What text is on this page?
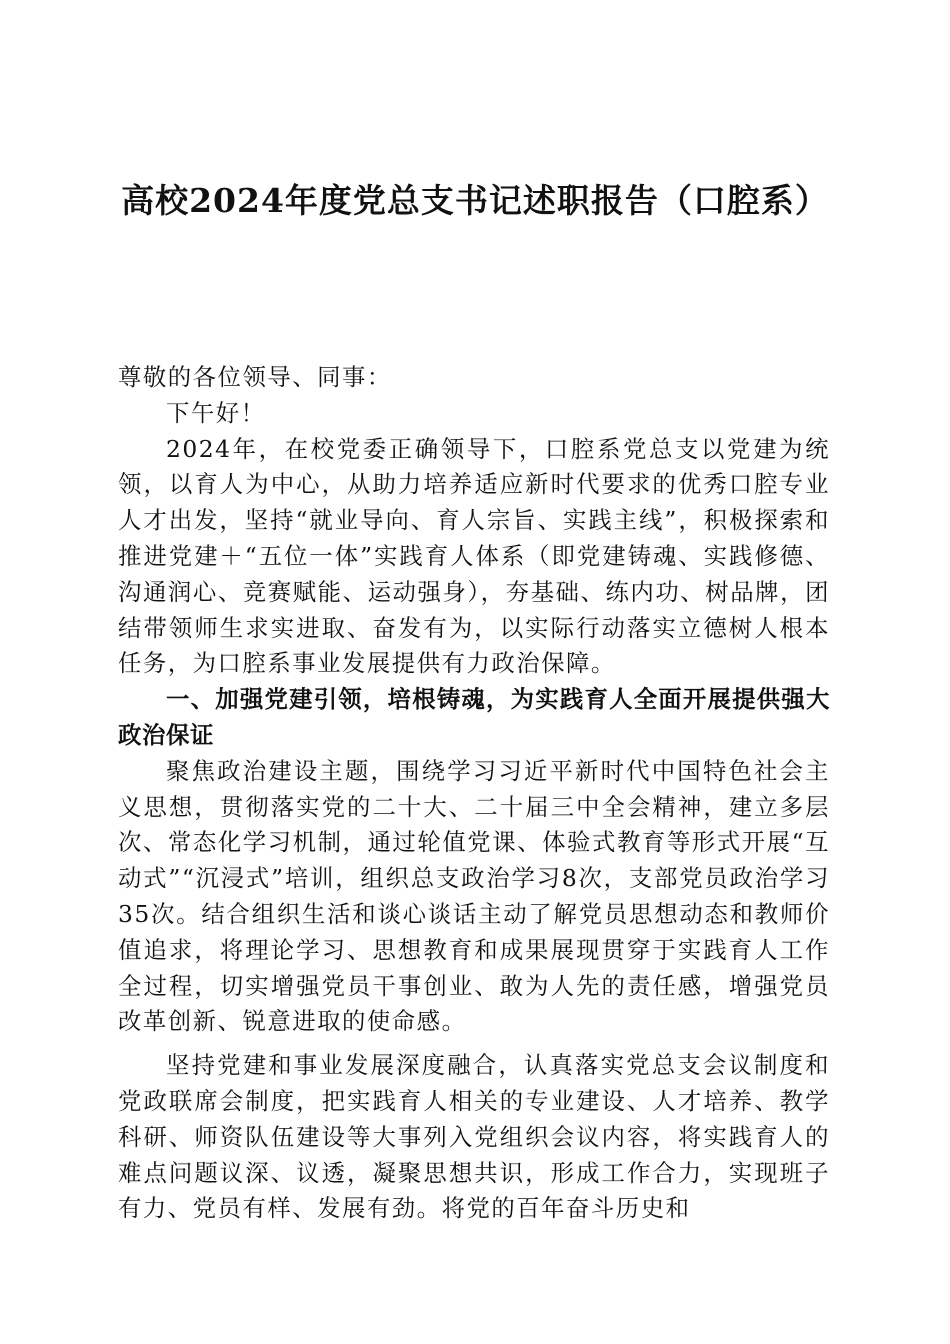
高校2024年度党总支书记述职报告（口腔系）

尊敬的各位领导、同事：

下午好！

2024年，在校党委正确领导下，口腔系党总支以党建为统领，以育人为中心，从助力培养适应新时代要求的优秀口腔专业人才出发，坚持“就业导向、育人宗旨、实践主线”，积极探索和推进党建＋“五位一体”实践育人体系（即党建铸魂、实践修德、沟通润心、竞赛赋能、运动强身），夯基础、练内功、树品牌，团结带领师生求实进取、奋发有为，以实际行动落实立德树人根本任务，为口腔系事业发展提供有力政治保障。

一、加强党建引领，培根铸魂，为实践育人全面开展提供强大政治保证

聚焦政治建设主题，围绕学习习近平新时代中国特色社会主义思想，贯彻落实党的二十大、二十届三中全会精神，建立多层次、常态化学习机制，通过轮值党课、体验式教育等形式开展“互动式”“沉浸式”培训，组织总支政治学习8次，支部党员政治学习35次。结合组织生活和谈心谈话主动了解党员思想动态和教师价值追求，将理论学习、思想教育和成果展现贯穿于实践育人工作全过程，切实增强党员干事创业、敢为人先的责任感，增强党员改革创新、锐意进取的使命感。

坚持党建和事业发展深度融合，认真落实党总支会议制度和党政联席会制度，把实践育人相关的专业建设、人才培养、教学科研、师资队伍建设等大事列入党组织会议内容，将实践育人的难点问题议深、议透，凝聚思想共识，形成工作合力，实现班子有力、党员有样、发展有劲。将党的百年奋斗历史和
